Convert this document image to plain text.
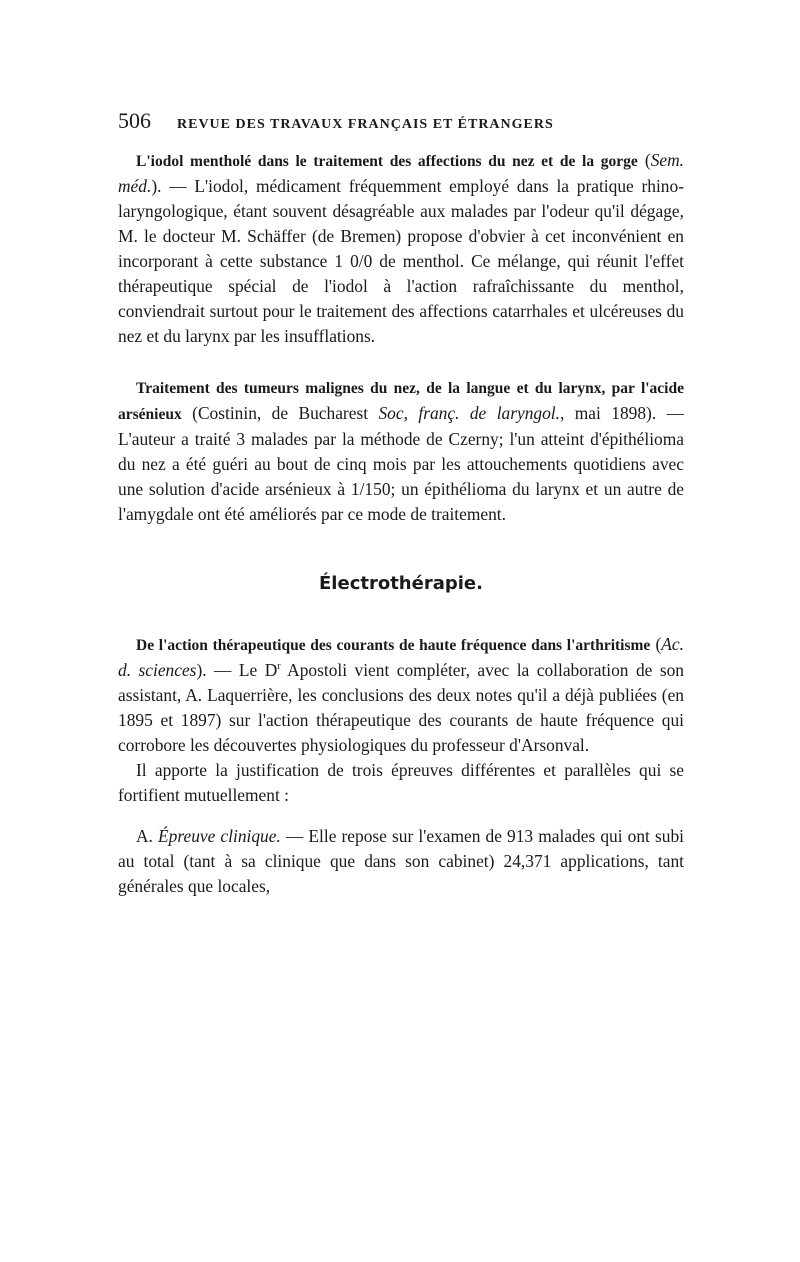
506 REVUE DES TRAVAUX FRANÇAIS ET ÉTRANGERS

L'iodol mentholé dans le traitement des affections du nez et de la gorge (Sem. méd.). — L'iodol, médicament fréquemment employé dans la pratique rhino-laryngologique, étant souvent désagréable aux malades par l'odeur qu'il dégage, M. le docteur M. Schäffer (de Bremen) propose d'obvier à cet inconvénient en incorporant à cette substance 1 0/0 de menthol. Ce mélange, qui réunit l'effet thérapeutique spécial de l'iodol à l'action rafraîchissante du menthol, conviendrait surtout pour le traitement des affections catarrhales et ulcéreuses du nez et du larynx par les insufflations.

Traitement des tumeurs malignes du nez, de la langue et du larynx, par l'acide arsénieux (Costinin, de Bucharest Soc, franç. de laryngol., mai 1898). — L'auteur a traité 3 malades par la méthode de Czerny; l'un atteint d'épithélioma du nez a été guéri au bout de cinq mois par les attouchements quotidiens avec une solution d'acide arsénieux à 1/150; un épithélioma du larynx et un autre de l'amygdale ont été améliorés par ce mode de traitement.

Électrothérapie.

De l'action thérapeutique des courants de haute fréquence dans l'arthritisme (Ac. d. sciences). — Le $D^r$ Apostoli vient compléter, avec la collaboration de son assistant, A. Laquerrière, les conclusions des deux notes qu'il a déjà publiées (en 1895 et 1897) sur l'action thérapeutique des courants de haute fréquence qui corrobore les découvertes physiologiques du professeur d'Arsonval.

Il apporte la justification de trois épreuves différentes et parallèles qui se fortifient mutuellement :

A. Épreuve clinique. — Elle repose sur l'examen de 913 malades qui ont subi au total (tant à sa clinique que dans son cabinet) 24,371 applications, tant générales que locales,
